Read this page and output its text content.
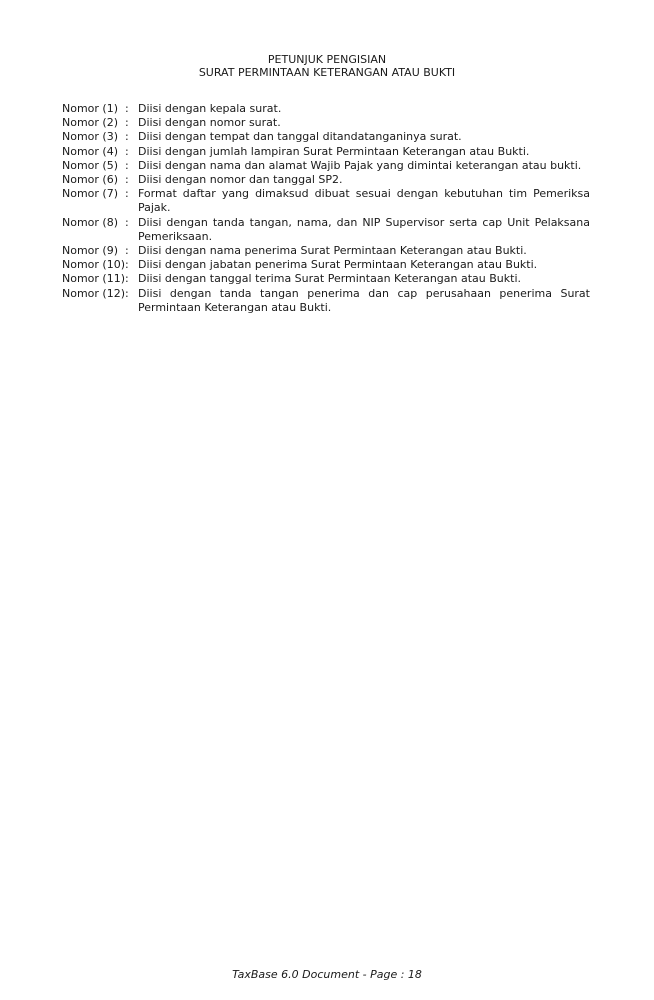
PETUNJUK PENGISIAN
SURAT PERMINTAAN KETERANGAN ATAU BUKTI
Nomor (1) : Diisi dengan kepala surat.
Nomor (2) : Diisi dengan nomor surat.
Nomor (3) : Diisi dengan tempat dan tanggal ditandatanganinya surat.
Nomor (4) : Diisi dengan jumlah lampiran Surat Permintaan Keterangan atau Bukti.
Nomor (5) : Diisi dengan nama dan alamat Wajib Pajak yang dimintai keterangan atau bukti.
Nomor (6) : Diisi dengan nomor dan tanggal SP2.
Nomor (7) : Format daftar yang dimaksud dibuat sesuai dengan kebutuhan tim Pemeriksa Pajak.
Nomor (8) : Diisi dengan tanda tangan, nama, dan NIP Supervisor serta cap Unit Pelaksana Pemeriksaan.
Nomor (9) : Diisi dengan nama penerima Surat Permintaan Keterangan atau Bukti.
Nomor (10) : Diisi dengan jabatan penerima Surat Permintaan Keterangan atau Bukti.
Nomor (11) : Diisi dengan tanggal terima Surat Permintaan Keterangan atau Bukti.
Nomor (12) : Diisi dengan tanda tangan penerima dan cap perusahaan penerima Surat Permintaan Keterangan atau Bukti.
TaxBase 6.0 Document - Page : 18
